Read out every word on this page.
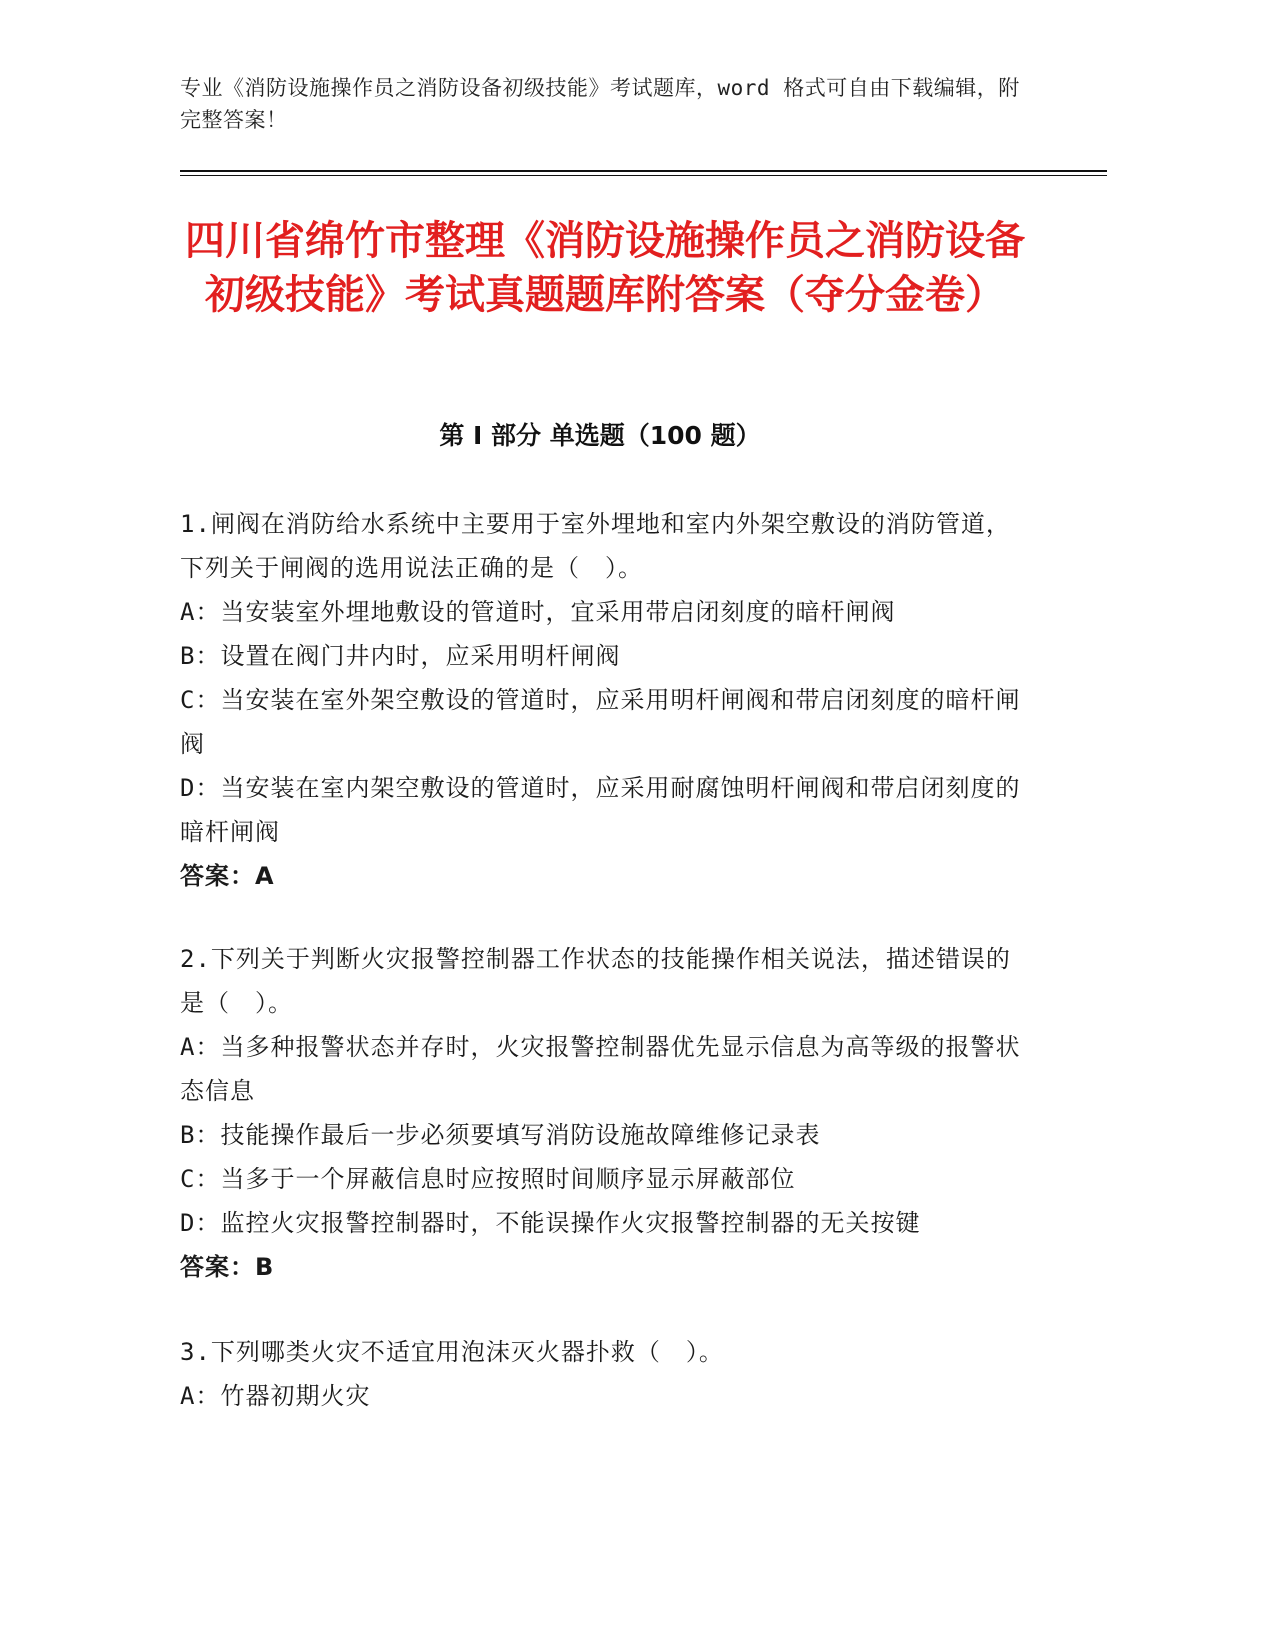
专业《消防设施操作员之消防设备初级技能》考试题库，word 格式可自由下载编辑，附完整答案！
四川省绵竹市整理《消防设施操作员之消防设备初级技能》考试真题题库附答案（夺分金卷）
第 I 部分 单选题（100 题）

1.闸阀在消防给水系统中主要用于室外埋地和室内外架空敷设的消防管道，下列关于闸阀的选用说法正确的是（　）。

A：当安装室外埋地敷设的管道时，宜采用带启闭刻度的暗杆闸阀

B：设置在阀门井内时，应采用明杆闸阀

C：当安装在室外架空敷设的管道时，应采用明杆闸阀和带启闭刻度的暗杆闸阀

D：当安装在室内架空敷设的管道时，应采用耐腐蚀明杆闸阀和带启闭刻度的暗杆闸阀

答案：A

2.下列关于判断火灾报警控制器工作状态的技能操作相关说法，描述错误的是（　）。

A：当多种报警状态并存时，火灾报警控制器优先显示信息为高等级的报警状态信息

B：技能操作最后一步必须要填写消防设施故障维修记录表

C：当多于一个屏蔽信息时应按照时间顺序显示屏蔽部位

D：监控火灾报警控制器时，不能误操作火灾报警控制器的无关按键

答案：B

3.下列哪类火灾不适宜用泡沫灭火器扑救（　）。

A：竹器初期火灾
